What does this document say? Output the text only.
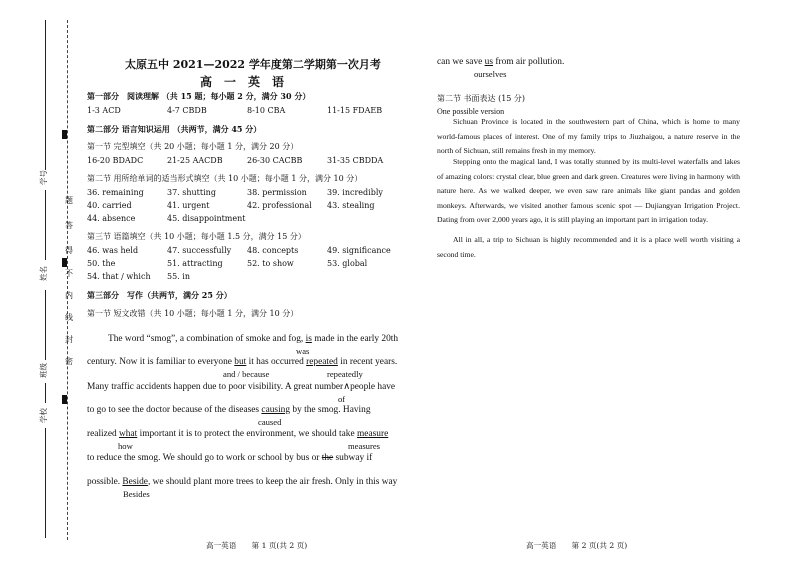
学号
姓名
班级
学校
题
答
得
不
内
线
封
密
太原五中 2021—2022 学年度第二学期第一次月考
高　一　英　语
第一部分　阅读理解 （共 15 题；每小题 2 分，满分 30 分）
1-3 ACD	4-7 CBDB	8-10 CBA	11-15 FDAEB
第二部分 语言知识运用 （共两节，满分 45 分）
第一节 完型填空（共 20 小题；每小题 1 分，满分 20 分）
16-20 BDADC	21-25 AACDB	26-30 CACBB	31-35 CBDDA
第二节 用所给单词的适当形式填空（共 10 小题；每小题 1 分，满分 10 分）
36. remaining	37. shutting	38. permission	39. incredibly
40. carried	41. urgent	42. professional	43. stealing
44. absence	45. disappointment
第三节 语篇填空（共 10 小题；每小题 1.5 分，满分 15 分）
46. was held	47. successfully	48. concepts	49. significance
50. the	51. attracting	52. to show	53. global
54. that / which	55. in
第三部分　写作（共两节，满分 25 分）
第一节 短文改错（共 10 小题；每小题 1 分，满分 10 分）
The word “smog”, a combination of smoke and fog, is made in the early 20th
was
century. Now it is familiar to everyone but it has occurred repeated in recent years.
and / because	repeatedly
Many traffic accidents happen due to poor visibility. A great number∧people have
of
to go to see the doctor because of the diseases causing by the smog. Having
caused
realized what important it is to protect the environment, we should take measure
how	measures
to reduce the smog. We should go to work or school by bus or the subway if
possible. Beside, we should plant more trees to keep the air fresh. Only in this way
Besides
高一英语　　第 1 页(共 2 页)
can we save us from air pollution.
ourselves
第二节 书面表达 (15 分)
One possible version
Sichuan Province is located in the southwestern part of China, which is home to many world-famous places of interest. One of my family trips to Jiuzhaigou, a nature reserve in the north of Sichuan, still remains fresh in my memory.
Stepping onto the magical land, I was totally stunned by its multi-level waterfalls and lakes of amazing colors: crystal clear, blue green and dark green. Creatures were living in harmony with nature here. As we walked deeper, we even saw rare animals like giant pandas and golden monkeys. Afterwards, we visited another famous scenic spot — Dujiangyan Irrigation Project. Dating from over 2,000 years ago, it is still playing an important part in irrigation today.
All in all, a trip to Sichuan is highly recommended and it is a place well worth visiting a second time.
高一英语　　第 2 页(共 2 页)
